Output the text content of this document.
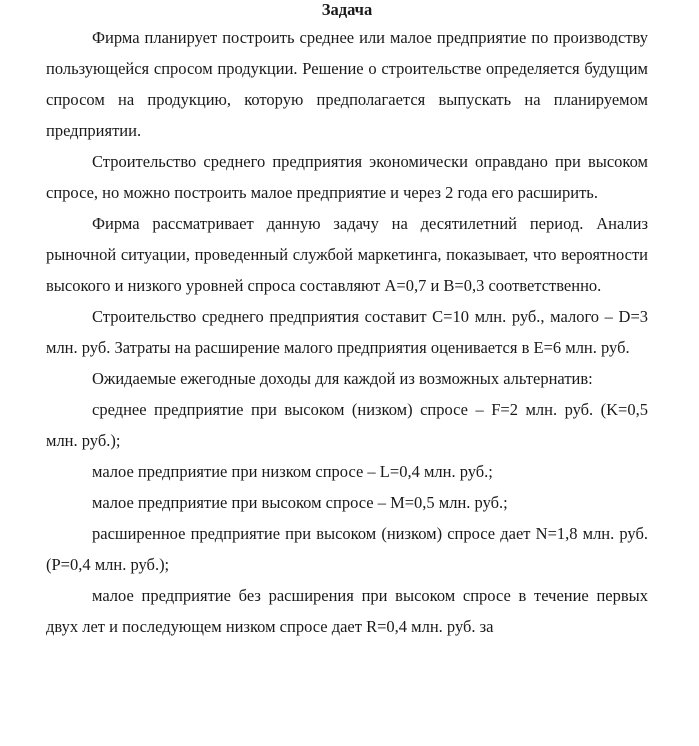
Задача

Фирма планирует построить среднее или малое предприятие по производству пользующейся спросом продукции. Решение о строительстве определяется будущим спросом на продукцию, которую предполагается выпускать на планируемом предприятии.

Строительство среднего предприятия экономически оправдано при высоком спросе, но можно построить малое предприятие и через 2 года его расширить.

Фирма рассматривает данную задачу на десятилетний период. Анализ рыночной ситуации, проведенный службой маркетинга, показывает, что вероятности высокого и низкого уровней спроса составляют A=0,7 и B=0,3 соответственно.

Строительство среднего предприятия составит C=10 млн. руб., малого – D=3 млн. руб. Затраты на расширение малого предприятия оценивается в E=6 млн. руб.

Ожидаемые ежегодные доходы для каждой из возможных альтернатив:

среднее предприятие при высоком (низком) спросе – F=2 млн. руб. (K=0,5 млн. руб.);

малое предприятие при низком спросе – L=0,4 млн. руб.;

малое предприятие при высоком спросе – M=0,5 млн. руб.;

расширенное предприятие при высоком (низком) спросе дает N=1,8 млн. руб. (P=0,4 млн. руб.);

малое предприятие без расширения при высоком спросе в течение первых двух лет и последующем низком спросе дает R=0,4 млн. руб. за
